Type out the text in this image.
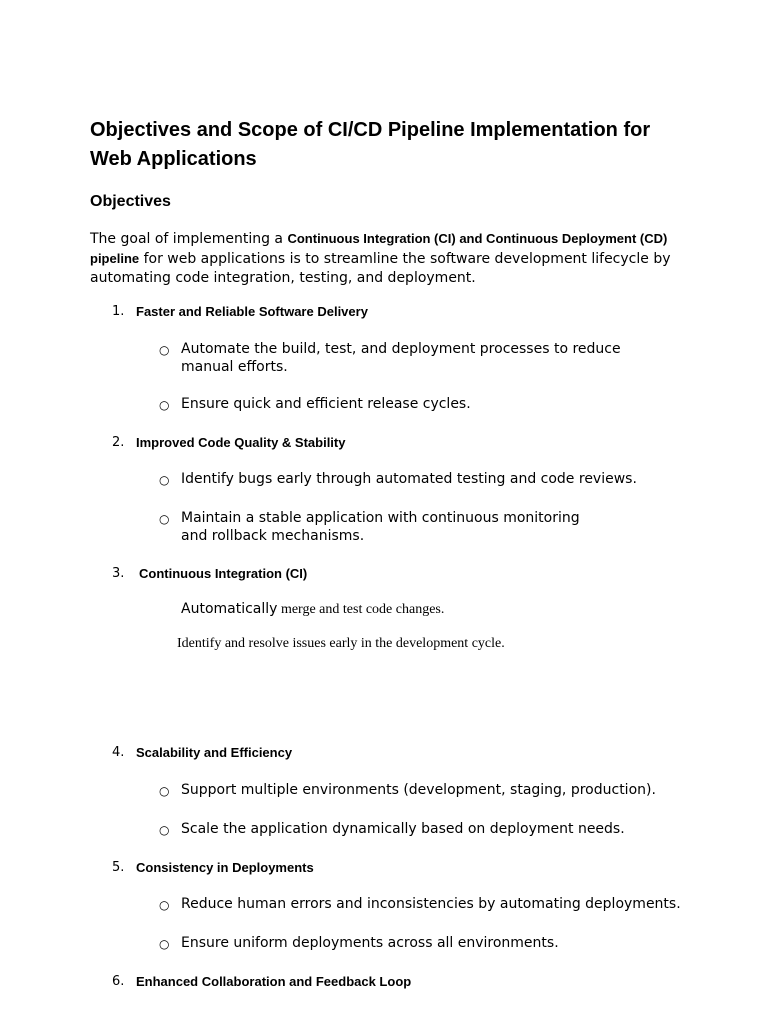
Objectives and Scope of CI/CD Pipeline Implementation for Web Applications
Objectives

The goal of implementing a Continuous Integration (CI) and Continuous Deployment (CD) pipeline for web applications is to streamline the software development lifecycle by automating code integration, testing, and deployment.

1. Faster and Reliable Software Delivery
○ Automate the build, test, and deployment processes to reduce manual efforts.
○ Ensure quick and efficient release cycles.
2. Improved Code Quality & Stability
○ Identify bugs early through automated testing and code reviews.
○ Maintain a stable application with continuous monitoring and rollback mechanisms.
3. Continuous Integration (CI)
Automatically merge and test code changes.
Identify and resolve issues early in the development cycle.
4. Scalability and Efficiency
○ Support multiple environments (development, staging, production).
○ Scale the application dynamically based on deployment needs.
5. Consistency in Deployments
○ Reduce human errors and inconsistencies by automating deployments.
○ Ensure uniform deployments across all environments.
6. Enhanced Collaboration and Feedback Loop
